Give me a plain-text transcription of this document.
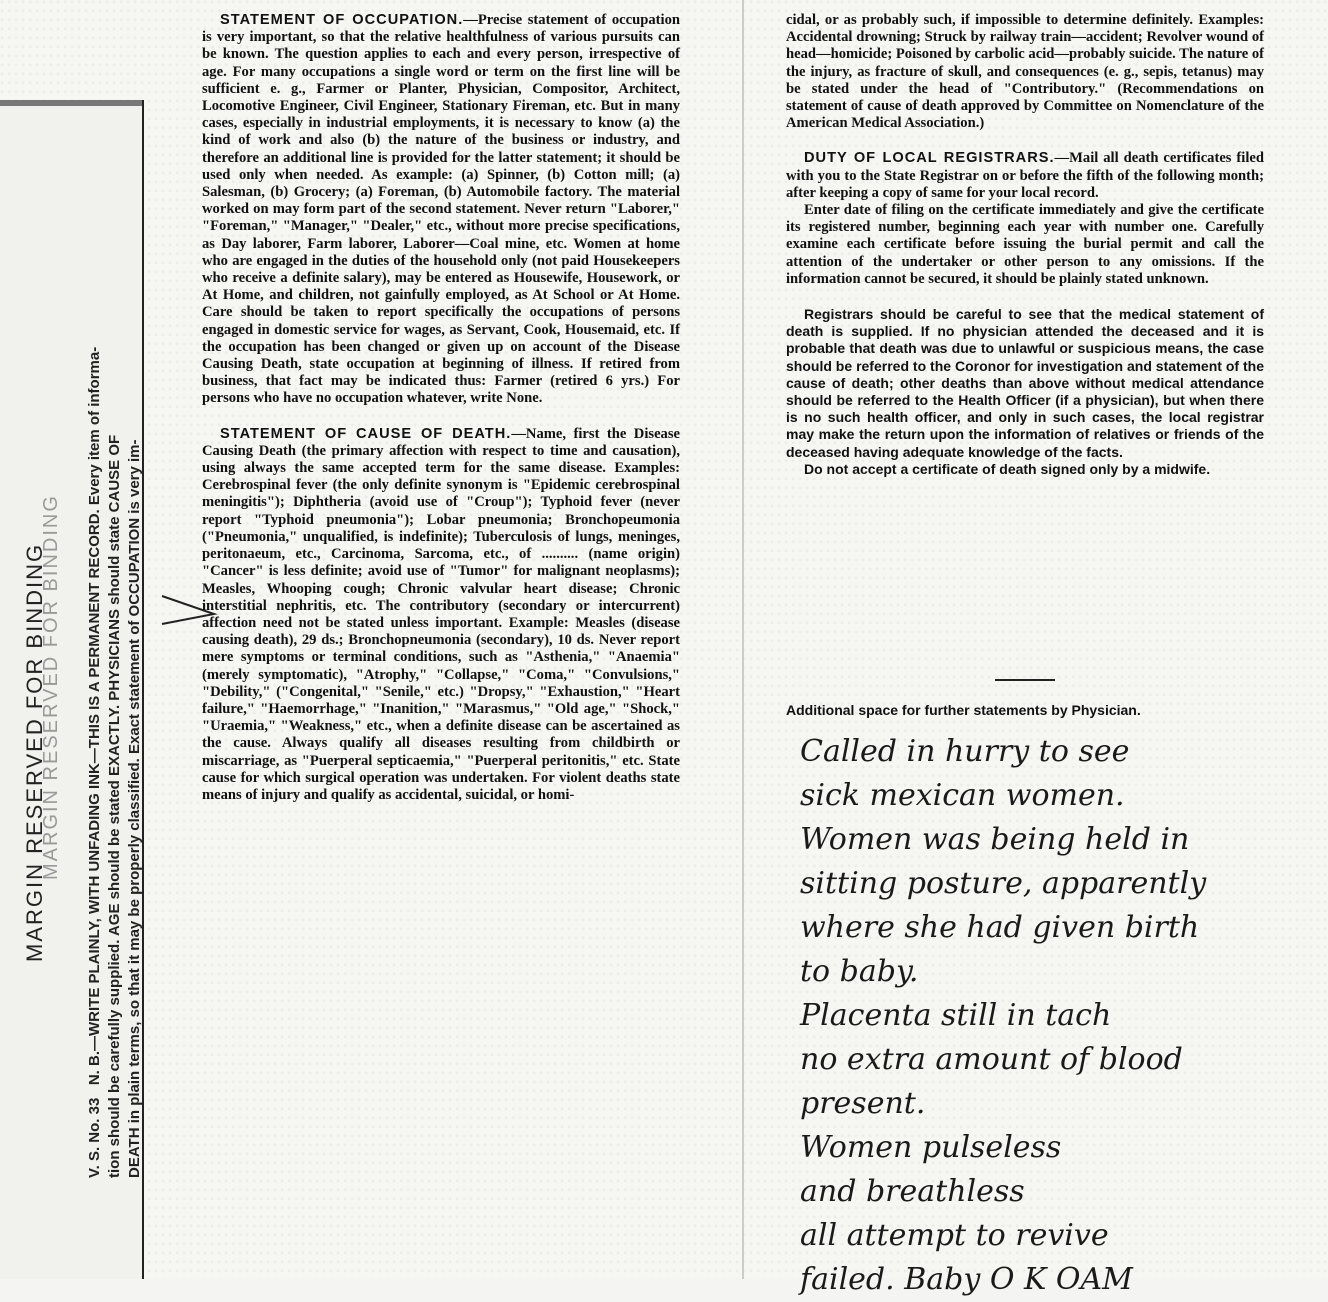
MARGIN RESERVED FOR BINDING
MARGIN RESERVED FOR BINDING
V. S. No. 33   N. B.—WRITE PLAINLY, WITH UNFADING INK—THIS IS A PERMANENT RECORD. Every item of informa- tion should be carefully supplied. AGE should be stated EXACTLY. PHYSICIANS should state CAUSE OF DEATH in plain terms, so that it may be properly classified. Exact statement of OCCUPATION is very im-

STATEMENT OF OCCUPATION.—Precise statement of occupation is very important, so that the relative healthfulness of various pursuits can be known. The question applies to each and every person, irrespective of age. For many occupations a single word or term on the first line will be sufficient e. g., Farmer or Planter, Physician, Compositor, Architect, Locomotive Engineer, Civil Engineer, Stationary Fireman, etc. But in many cases, especially in industrial employments, it is necessary to know (a) the kind of work and also (b) the nature of the business or industry, and therefore an additional line is provided for the latter statement; it should be used only when needed. As example: (a) Spinner, (b) Cotton mill; (a) Salesman, (b) Grocery; (a) Foreman, (b) Automobile factory. The material worked on may form part of the second statement. Never return "Laborer," "Foreman," "Manager," "Dealer," etc., without more precise specifications, as Day laborer, Farm laborer, Laborer—Coal mine, etc. Women at home who are engaged in the duties of the household only (not paid Housekeepers who receive a definite salary), may be entered as Housewife, Housework, or At Home, and children, not gainfully employed, as At School or At Home. Care should be taken to report specifically the occupations of persons engaged in domestic service for wages, as Servant, Cook, Housemaid, etc. If the occupation has been changed or given up on account of the Disease Causing Death, state occupation at beginning of illness. If retired from business, that fact may be indicated thus: Farmer (retired 6 yrs.) For persons who have no occupation whatever, write None.

STATEMENT OF CAUSE OF DEATH.—Name, first the Disease Causing Death (the primary affection with respect to time and causation), using always the same accepted term for the same disease. Examples: Cerebrospinal fever (the only definite synonym is "Epidemic cerebrospinal meningitis"); Diphtheria (avoid use of "Croup"); Typhoid fever (never report "Typhoid pneumonia"); Lobar pneumonia; Bronchopeumonia ("Pneumonia," unqualified, is indefinite); Tuberculosis of lungs, meninges, peritonaeum, etc., Carcinoma, Sarcoma, etc., of .......... (name origin) "Cancer" is less definite; avoid use of "Tumor" for malignant neoplasms); Measles, Whooping cough; Chronic valvular heart disease; Chronic interstitial nephritis, etc. The contributory (secondary or intercurrent) affection need not be stated unless important. Example: Measles (disease causing death), 29 ds.; Bronchopneumonia (secondary), 10 ds. Never report mere symptoms or terminal conditions, such as "Asthenia," "Anaemia" (merely symptomatic), "Atrophy," "Collapse," "Coma," "Convulsions," "Debility," ("Congenital," "Senile," etc.) "Dropsy," "Exhaustion," "Heart failure," "Haemorrhage," "Inanition," "Marasmus," "Old age," "Shock," "Uraemia," "Weakness," etc., when a definite disease can be ascertained as the cause. Always qualify all diseases resulting from childbirth or miscarriage, as "Puerperal septicaemia," "Puerperal peritonitis," etc. State cause for which surgical operation was undertaken. For violent deaths state means of injury and qualify as accidental, suicidal, or homi-

cidal, or as probably such, if impossible to determine definitely. Examples: Accidental drowning; Struck by railway train—accident; Revolver wound of head—homicide; Poisoned by carbolic acid—probably suicide. The nature of the injury, as fracture of skull, and consequences (e. g., sepis, tetanus) may be stated under the head of "Contributory." (Recommendations on statement of cause of death approved by Committee on Nomenclature of the American Medical Association.)

DUTY OF LOCAL REGISTRARS.—Mail all death certificates filed with you to the State Registrar on or before the fifth of the following month; after keeping a copy of same for your local record.

Enter date of filing on the certificate immediately and give the certificate its registered number, beginning each year with number one. Carefully examine each certificate before issuing the burial permit and call the attention of the undertaker or other person to any omissions. If the information cannot be secured, it should be plainly stated unknown.

Registrars should be careful to see that the medical statement of death is supplied. If no physician attended the deceased and it is probable that death was due to unlawful or suspicious means, the case should be referred to the Coronor for investigation and statement of the cause of death; other deaths than above without medical attendance should be referred to the Health Officer (if a physician), but when there is no such health officer, and only in such cases, the local registrar may make the return upon the information of relatives or friends of the deceased having adequate knowledge of the facts.

Do not accept a certificate of death signed only by a midwife.

Additional space for further statements by Physician.
Called in hurry to see
sick mexican women.
Women was being held in
sitting posture, apparently
where she had given birth
to baby.
Placenta still in tach
no extra amount of blood
present.
Women pulseless
and breathless
all attempt to revive
failed. Baby O K OAM
